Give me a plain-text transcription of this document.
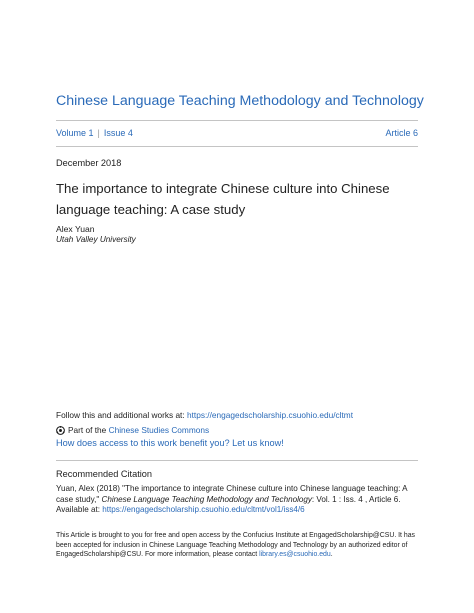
Chinese Language Teaching Methodology and Technology
Volume 1 | Issue 4	Article 6
December 2018
The importance to integrate Chinese culture into Chinese language teaching: A case study
Alex Yuan
Utah Valley University
Follow this and additional works at: https://engagedscholarship.csuohio.edu/cltmt
Part of the
Chinese Studies Commons
How does access to this work benefit you? Let us know!
Recommended Citation
Yuan, Alex (2018) "The importance to integrate Chinese culture into Chinese language teaching: A case study," Chinese Language Teaching Methodology and Technology: Vol. 1 : Iss. 4 , Article 6.
Available at: https://engagedscholarship.csuohio.edu/cltmt/vol1/iss4/6
This Article is brought to you for free and open access by the Confucius Institute at EngagedScholarship@CSU. It has been accepted for inclusion in Chinese Language Teaching Methodology and Technology by an authorized editor of EngagedScholarship@CSU. For more information, please contact library.es@csuohio.edu.
